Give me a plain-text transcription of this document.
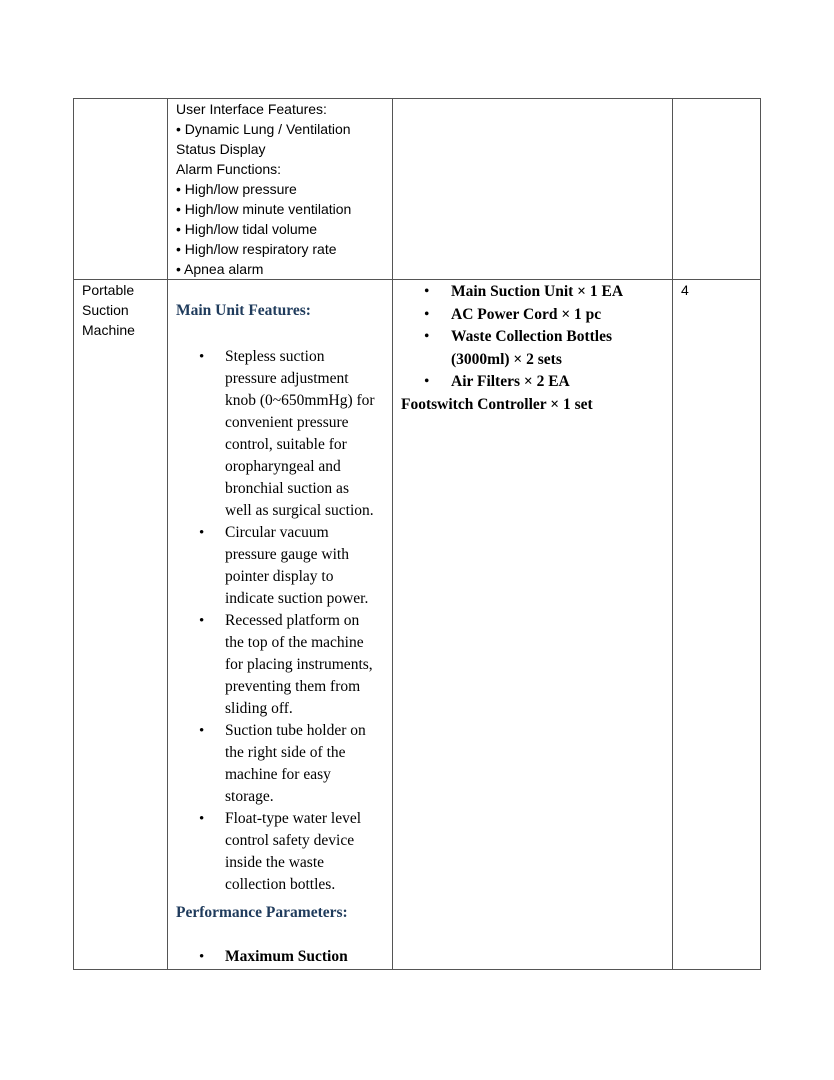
User Interface Features:
• Dynamic Lung / Ventilation
Status Display
Alarm Functions:
• High/low pressure
• High/low minute ventilation
• High/low tidal volume
• High/low respiratory rate
• Apnea alarm
Portable
Suction
Machine
Main Unit Features:
• Stepless suction
pressure adjustment
knob (0~650mmHg) for
convenient pressure
control, suitable for
oropharyngeal and
bronchial suction as
well as surgical suction.
• Circular vacuum
pressure gauge with
pointer display to
indicate suction power.
• Recessed platform on
the top of the machine
for placing instruments,
preventing them from
sliding off.
• Suction tube holder on
the right side of the
machine for easy
storage.
• Float-type water level
control safety device
inside the waste
collection bottles.
Performance Parameters:
• Maximum Suction
• Main Suction Unit × 1 EA
• AC Power Cord × 1 pc
• Waste Collection Bottles
(3000ml) × 2 sets
• Air Filters × 2 EA
Footswitch Controller × 1 set
4
